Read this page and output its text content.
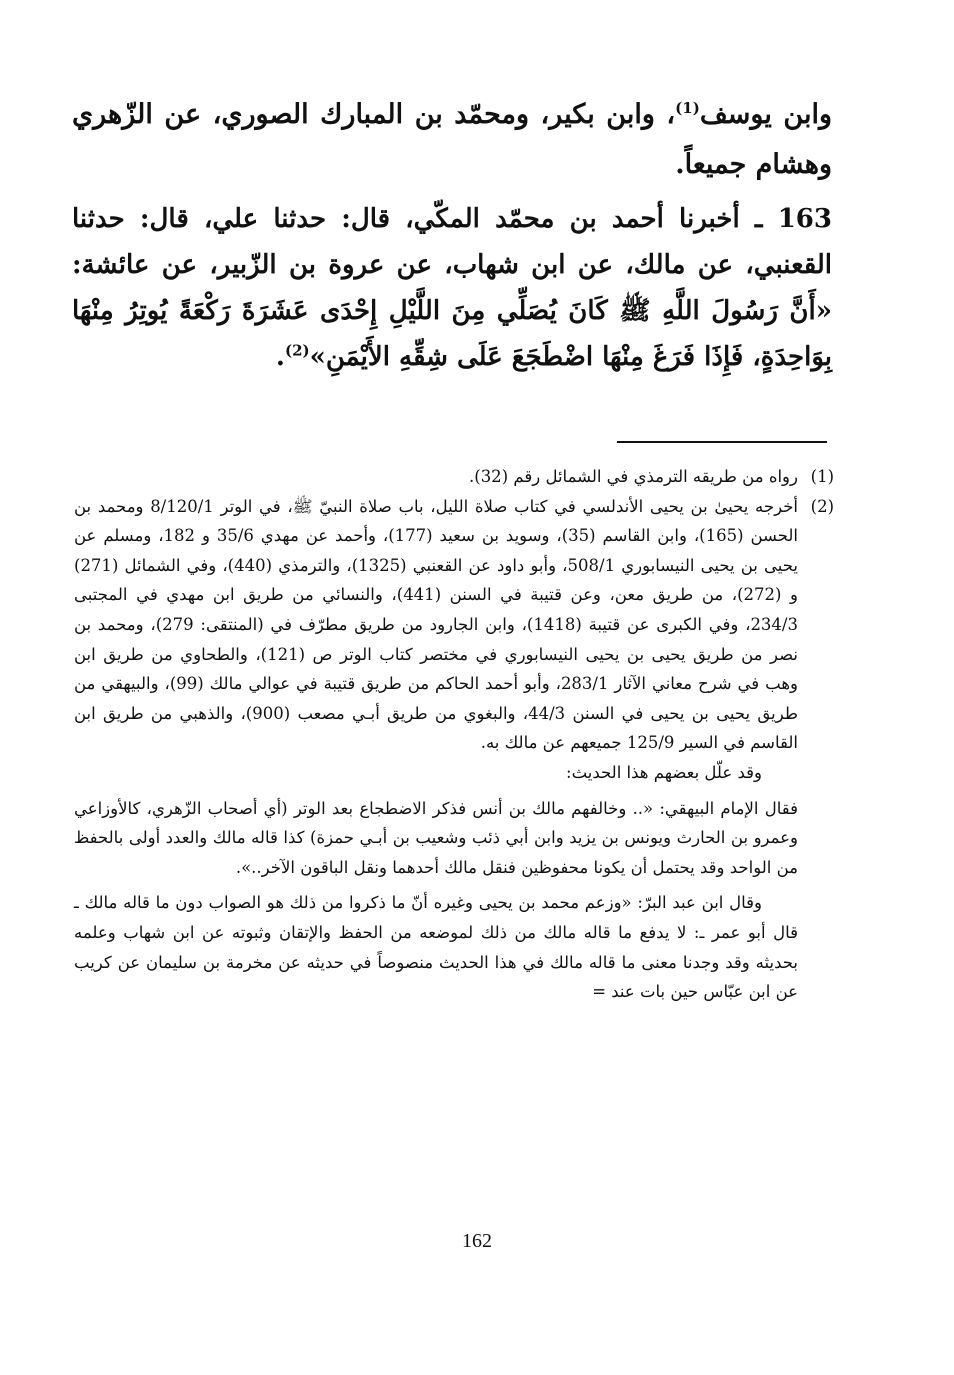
وابن يوسف$^{(1)}$، وابن بكير، ومحمّد بن المبارك الصوري، عن الزّهري وهشام جميعاً.
163 ـ أخبرنا أحمد بن محمّد المكّي، قال: حدثنا علي، قال: حدثنا القعنبي، عن مالك، عن ابن شهاب، عن عروة بن الزّبير، عن عائشة: «أَنَّ رَسُولَ اللَّهِ ﷺ كَانَ يُصَلِّي مِنَ اللَّيْلِ إِحْدَى عَشَرَةَ رَكْعَةً يُوتِرُ مِنْهَا بِوَاحِدَةٍ، فَإِذَا فَرَغَ مِنْهَا اضْطَجَعَ عَلَى شِقِّهِ الأَيْمَنِ»$^{(2)}$.
(1)
رواه من طريقه الترمذي في الشمائل رقم (32).
(2)
أخرجه يحيىٰ بن يحيى الأندلسي في كتاب صلاة الليل، باب صلاة النبيّ ﷺ، في الوتر 8/120/1 ومحمد بن الحسن (165)، وابن القاسم (35)، وسويد بن سعيد (177)، وأحمد عن مهدي 35/6 و 182، ومسلم عن يحيى بن يحيى النيسابوري 508/1، وأبو داود عن القعنبي (1325)، والترمذي (440)، وفي الشمائل (271) و (272)، من طريق معن، وعن قتيبة في السنن (441)، والنسائي من طريق ابن مهدي في المجتبى 234/3، وفي الكبرى عن قتيبة (1418)، وابن الجارود من طريق مطرّف في (المنتقى: 279)، ومحمد بن نصر من طريق يحيى بن يحيى النيسابوري في مختصر كتاب الوتر ص (121)، والطحاوي من طريق ابن وهب في شرح معاني الآثار 283/1، وأبو أحمد الحاكم من طريق قتيبة في عوالي مالك (99)، والبيهقي من طريق يحيى بن يحيى في السنن 44/3، والبغوي من طريق أبـي مصعب (900)، والذهبي من طريق ابن القاسم في السير 125/9 جميعهم عن مالك به.
وقد علّل بعضهم هذا الحديث:
فقال الإمام البيهقي: «.. وخالفهم مالك بن أنس فذكر الاضطجاع بعد الوتر (أي أصحاب الزّهري، كالأوزاعي وعمرو بن الحارث ويونس بن يزيد وابن أبي ذئب وشعيب بن أبـي حمزة) كذا قاله مالك والعدد أولى بالحفظ من الواحد وقد يحتمل أن يكونا محفوظين فنقل مالك أحدهما ونقل الباقون الآخر..».
وقال ابن عبد البرّ: «وزعم محمد بن يحيى وغيره أنّ ما ذكروا من ذلك هو الصواب دون ما قاله مالك ـ قال أبو عمر ـ: لا يدفع ما قاله مالك من ذلك لموضعه من الحفظ والإتقان وثبوته عن ابن شهاب وعلمه بحديثه وقد وجدنا معنى ما قاله مالك في هذا الحديث منصوصاً في حديثه عن مخرمة بن سليمان عن كريب عن ابن عبّاس حين بات عند =
162
